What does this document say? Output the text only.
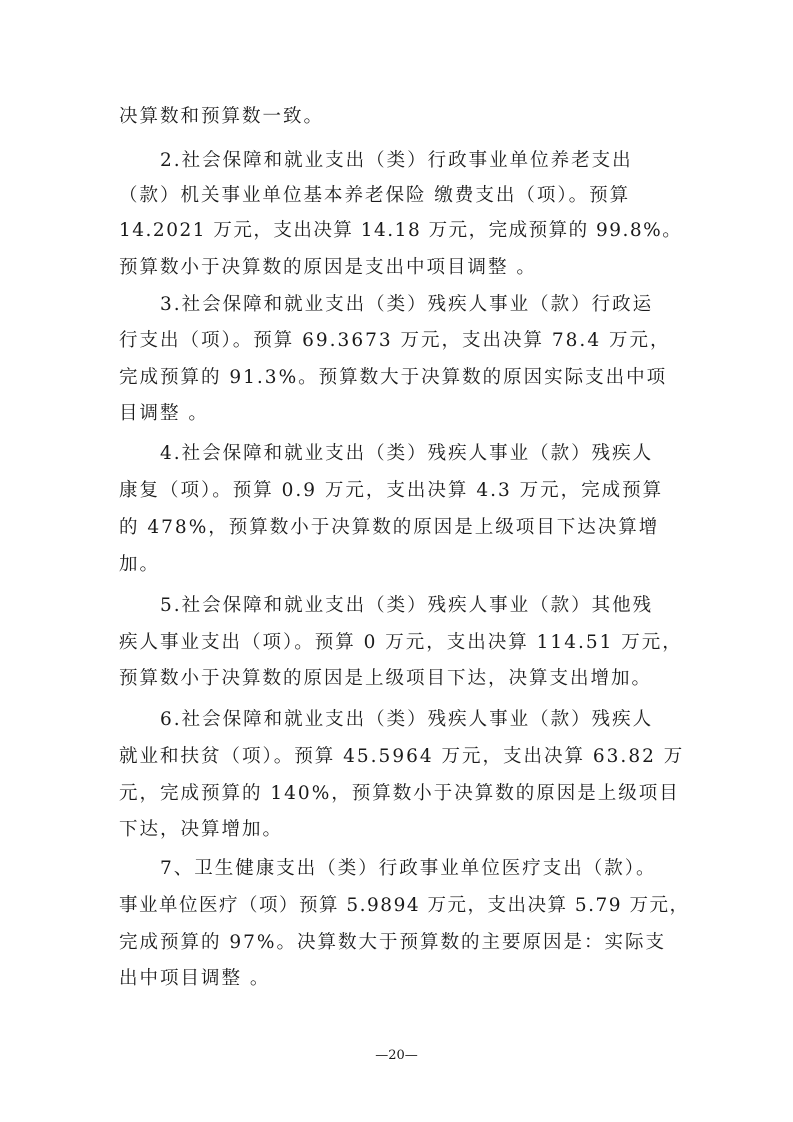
决算数和预算数一致。
2.社会保障和就业支出（类）行政事业单位养老支出
（款）机关事业单位基本养老保险 缴费支出（项）。预算
14.2021 万元，支出决算 14.18 万元，完成预算的 99.8%。
预算数小于决算数的原因是支出中项目调整 。
3.社会保障和就业支出（类）残疾人事业（款）行政运
行支出（项）。预算 69.3673 万元，支出决算 78.4 万元，
完成预算的 91.3%。预算数大于决算数的原因实际支出中项
目调整 。
4.社会保障和就业支出（类）残疾人事业（款）残疾人
康复（项）。预算 0.9 万元，支出决算 4.3 万元，完成预算
的 478%，预算数小于决算数的原因是上级项目下达决算增
加。
5.社会保障和就业支出（类）残疾人事业（款）其他残
疾人事业支出（项）。预算 0 万元，支出决算 114.51 万元，
预算数小于决算数的原因是上级项目下达，决算支出增加。
6.社会保障和就业支出（类）残疾人事业（款）残疾人
就业和扶贫（项）。预算 45.5964 万元，支出决算 63.82 万
元，完成预算的 140%，预算数小于决算数的原因是上级项目
下达，决算增加。
7、卫生健康支出（类）行政事业单位医疗支出（款）。
事业单位医疗（项）预算 5.9894 万元，支出决算 5.79 万元，
完成预算的 97%。决算数大于预算数的主要原因是：实际支
出中项目调整 。
—20—
